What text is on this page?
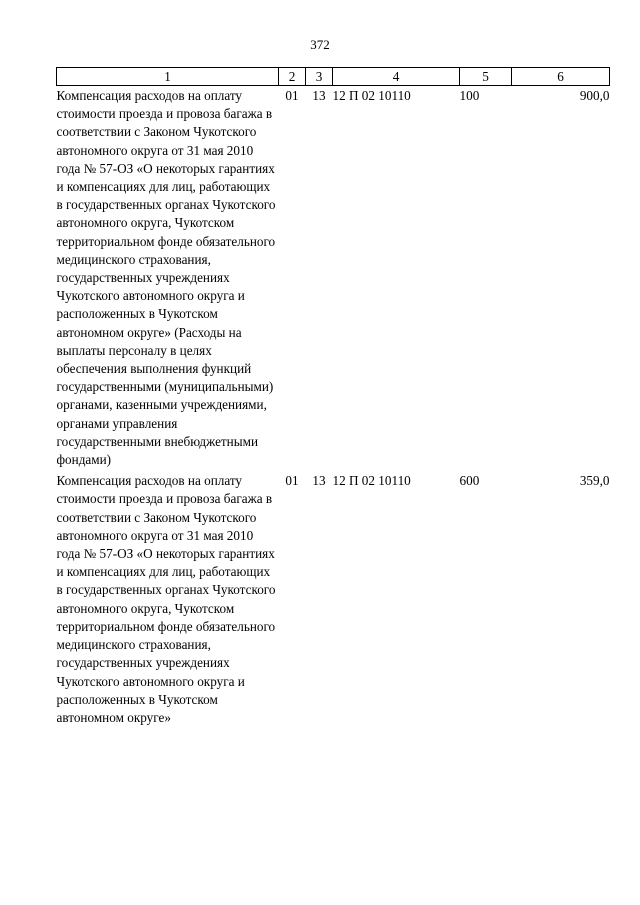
372
1	2	3	4	5	6
Компенсация расходов на оплату стоимости проезда и провоза багажа в соответствии с Законом Чукотского автономного округа от 31 мая 2010 года № 57-ОЗ «О некоторых гарантиях и компенсациях для лиц, работающих в государственных органах Чукотского автономного округа, Чукотском территориальном фонде обязательного медицинского страхования, государственных учреждениях Чукотского автономного округа и расположенных в Чукотском автономном округе» (Расходы на выплаты персоналу в целях обеспечения выполнения функций государственными (муниципальными) органами, казенными учреждениями, органами управления государственными внебюджетными фондами)	01	13	12 П 02 10110	100	900,0
Компенсация расходов на оплату стоимости проезда и провоза багажа в соответствии с Законом Чукотского автономного округа от 31 мая 2010 года № 57-ОЗ «О некоторых гарантиях и компенсациях для лиц, работающих в государственных органах Чукотского автономного округа, Чукотском территориальном фонде обязательного медицинского страхования, государственных учреждениях Чукотского автономного округа и расположенных в Чукотском автономном округе»	01	13	12 П 02 10110	600	359,0
